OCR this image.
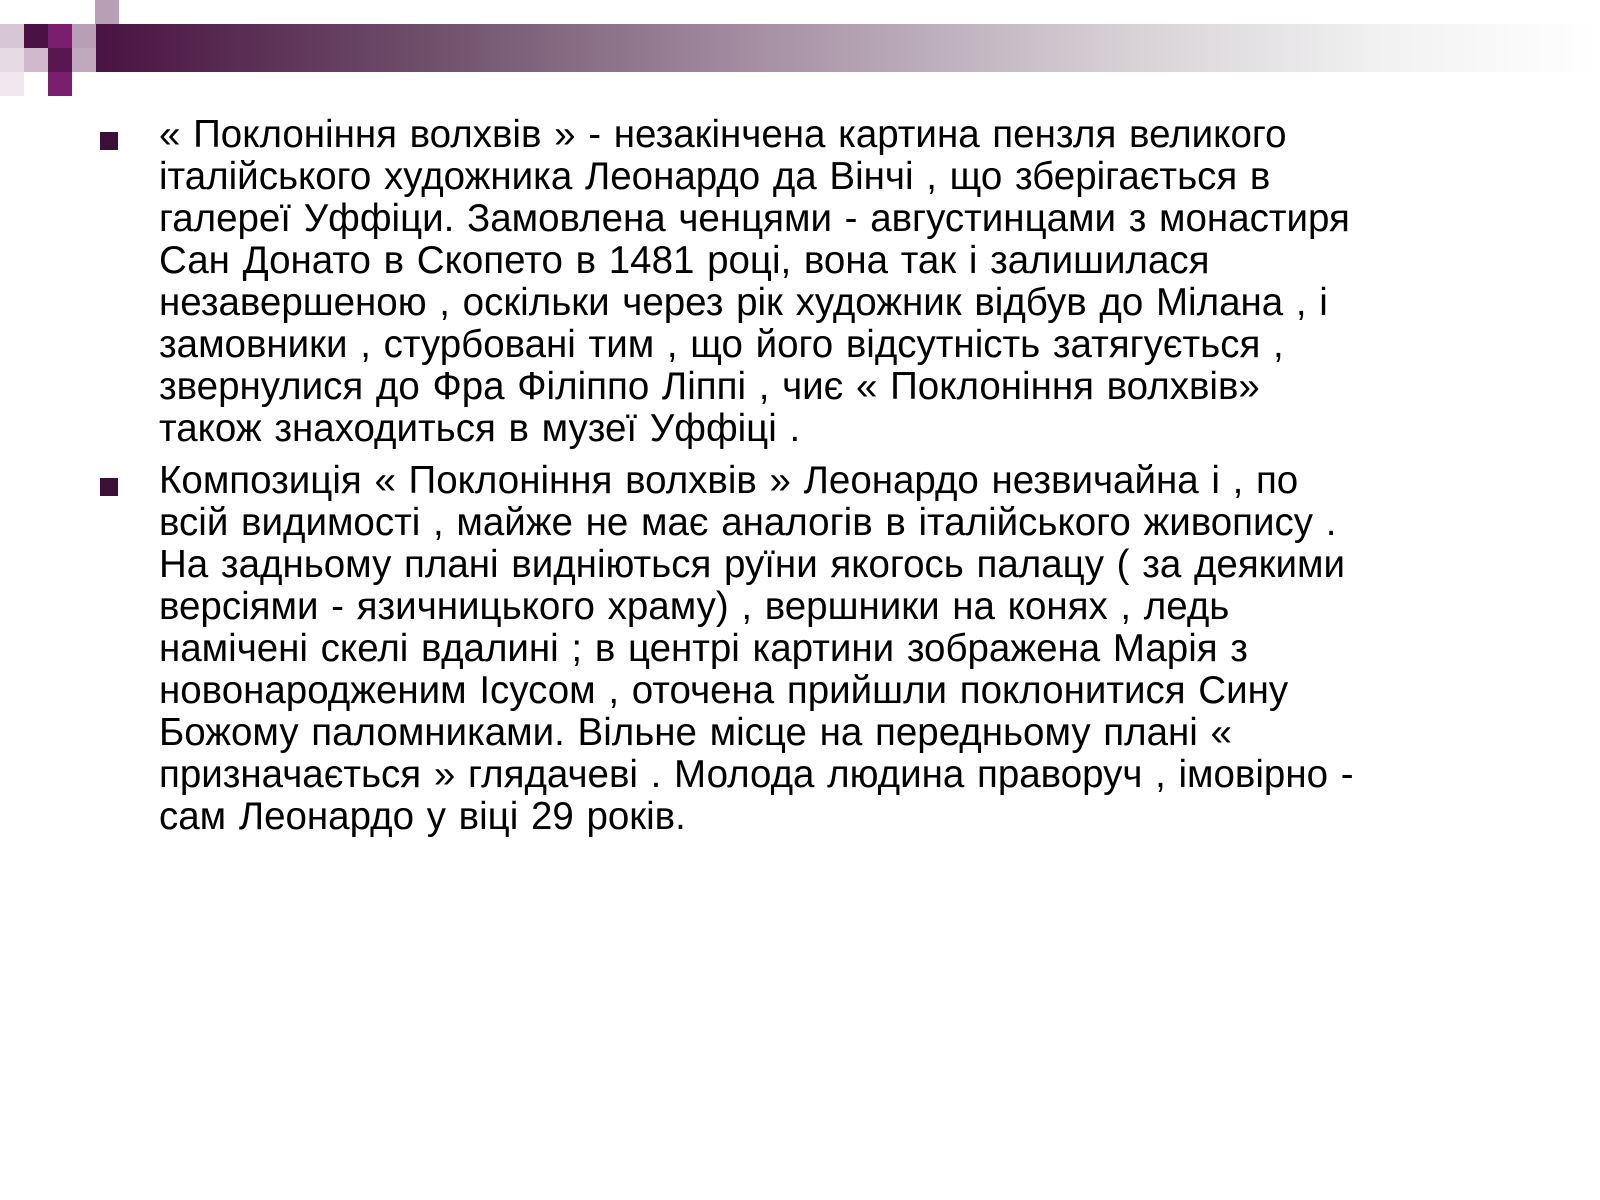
« Поклоніння волхвів » - незакінчена картина пензля великого
італійського художника Леонардо да Вінчі , що зберігається в
галереї Уффіци. Замовлена ченцями - августинцами з монастиря
Сан Донато в Скопето в 1481 році, вона так і залишилася
незавершеною , оскільки через рік художник відбув до Мілана , і
замовники , стурбовані тим , що його відсутність затягується ,
звернулися до Фра Філіппо Ліппі , чиє « Поклоніння волхвів»
також знаходиться в музеї Уффіці .
Композиція « Поклоніння волхвів » Леонардо незвичайна і , по
всій видимості , майже не має аналогів в італійського живопису .
На задньому плані видніються руїни якогось палацу ( за деякими
версіями - язичницького храму) , вершники на конях , ледь
намічені скелі вдалині ; в центрі картини зображена Марія з
новонародженим Ісусом , оточена прийшли поклонитися Сину
Божому паломниками. Вільне місце на передньому плані «
призначається » глядачеві . Молода людина праворуч , імовірно -
сам Леонардо у віці 29 років.
